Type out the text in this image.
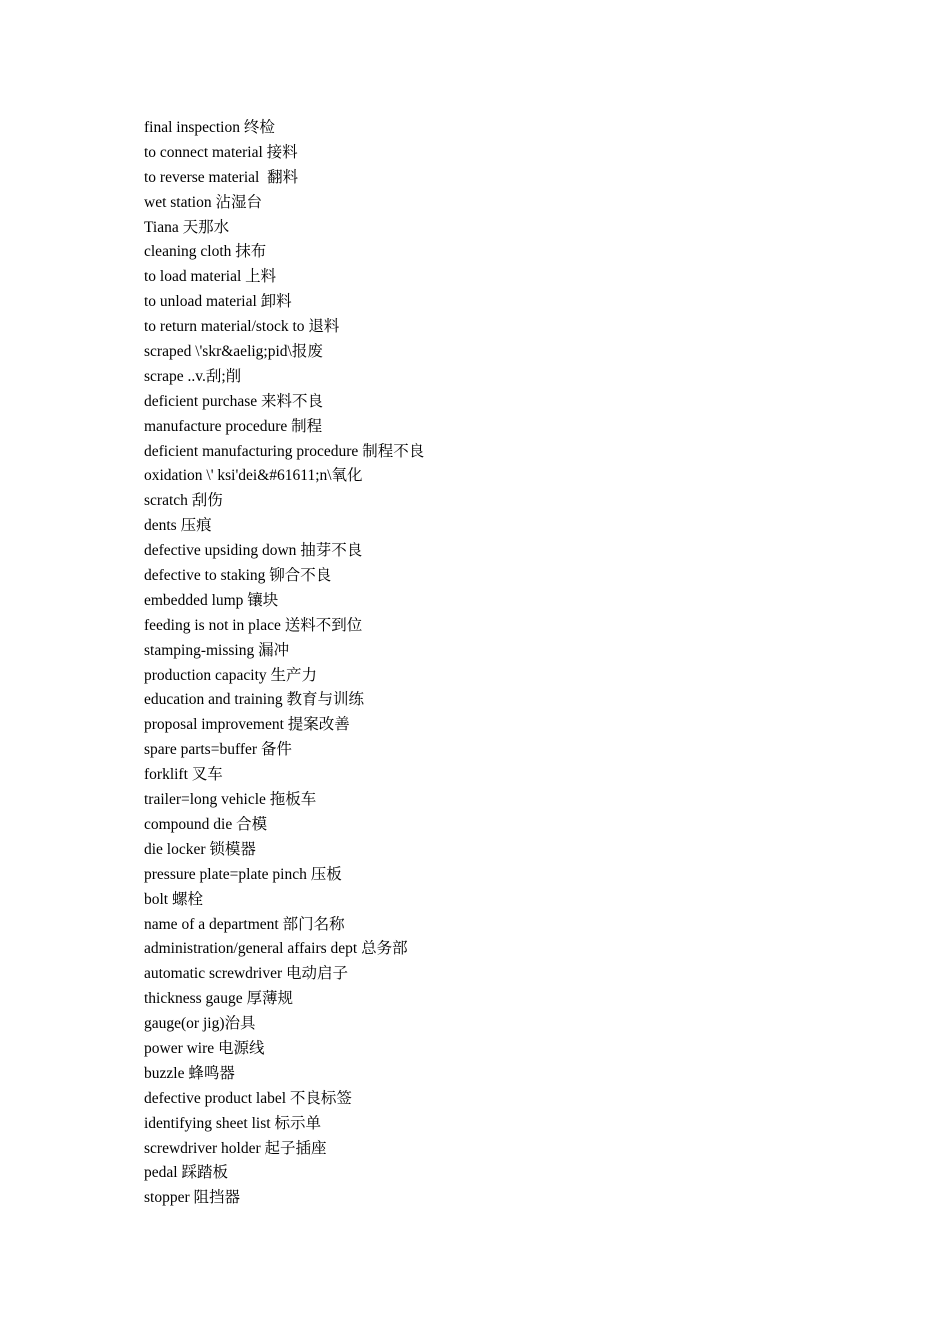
final inspection 终检
to connect material 接料
to reverse material  翻料
wet station 沾湿台
Tiana 天那水
cleaning cloth 抹布
to load material 上料
to unload material 卸料
to return material/stock to 退料
scraped \'skr&aelig;pid\报废
scrape ..v.刮;削
deficient purchase 来料不良
manufacture procedure 制程
deficient manufacturing procedure 制程不良
oxidation \' ksi'dei&#61611;n\氧化
scratch 刮伤
dents 压痕
defective upsiding down 抽芽不良
defective to staking 铆合不良
embedded lump 镶块
feeding is not in place 送料不到位
stamping-missing 漏冲
production capacity 生产力
education and training 教育与训练
proposal improvement 提案改善
spare parts=buffer 备件
forklift 叉车
trailer=long vehicle 拖板车
compound die 合模
die locker 锁模器
pressure plate=plate pinch 压板
bolt 螺栓
name of a department 部门名称
administration/general affairs dept 总务部
automatic screwdriver 电动启子
thickness gauge 厚薄规
gauge(or jig)治具
power wire 电源线
buzzle 蜂鸣器
defective product label 不良标签
identifying sheet list 标示单
screwdriver holder 起子插座
pedal 踩踏板
stopper 阻挡器
